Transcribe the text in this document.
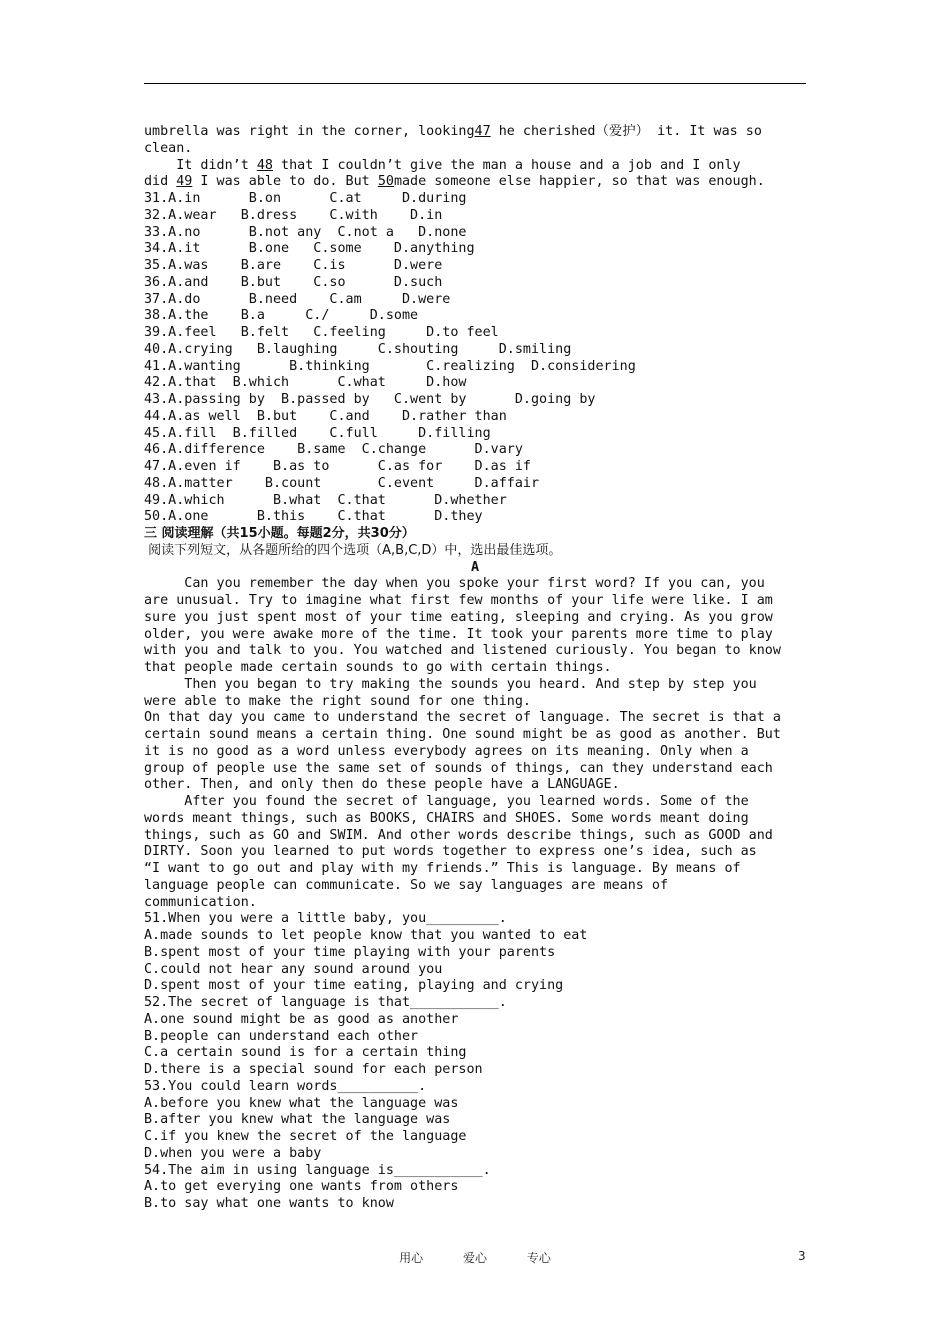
umbrella was right in the corner, looking47 he cherished（爱护） it. It was so
clean.
It didn’t 48 that I couldn’t give the man a house and a job and I only
did 49 I was able to do. But 50made someone else happier, so that was enough.
31.A.in      B.on      C.at     D.during
32.A.wear   B.dress    C.with    D.in
33.A.no      B.not any  C.not a   D.none
34.A.it      B.one   C.some    D.anything
35.A.was    B.are    C.is      D.were
36.A.and    B.but    C.so      D.such
37.A.do      B.need    C.am     D.were
38.A.the    B.a     C./     D.some
39.A.feel   B.felt   C.feeling     D.to feel
40.A.crying   B.laughing     C.shouting     D.smiling
41.A.wanting      B.thinking       C.realizing  D.considering
42.A.that  B.which      C.what     D.how
43.A.passing by  B.passed by   C.went by      D.going by
44.A.as well  B.but    C.and    D.rather than
45.A.fill  B.filled    C.full     D.filling
46.A.difference    B.same  C.change      D.vary
47.A.even if    B.as to      C.as for    D.as if
48.A.matter    B.count       C.event     D.affair
49.A.which      B.what  C.that      D.whether
50.A.one      B.this    C.that      D.they
三 阅读理解（共15小题。每题2分，共30分）
阅读下列短文，从各题所给的四个选项（A,B,C,D）中，选出最佳选项。
A
Can you remember the day when you spoke your first word? If you can, you
are unusual. Try to imagine what first few months of your life were like. I am
sure you just spent most of your time eating, sleeping and crying. As you grow
older, you were awake more of the time. It took your parents more time to play
with you and talk to you. You watched and listened curiously. You began to know
that people made certain sounds to go with certain things.
Then you began to try making the sounds you heard. And step by step you
were able to make the right sound for one thing.
On that day you came to understand the secret of language. The secret is that a
certain sound means a certain thing. One sound might be as good as another. But
it is no good as a word unless everybody agrees on its meaning. Only when a
group of people use the same set of sounds of things, can they understand each
other. Then, and only then do these people have a LANGUAGE.
After you found the secret of language, you learned words. Some of the
words meant things, such as BOOKS, CHAIRS and SHOES. Some words meant doing
things, such as GO and SWIM. And other words describe things, such as GOOD and
DIRTY. Soon you learned to put words together to express one’s idea, such as
“I want to go out and play with my friends.” This is language. By means of
language people can communicate. So we say languages are means of
communication.
51.When you were a little baby, you_________.
A.made sounds to let people know that you wanted to eat
B.spent most of your time playing with your parents
C.could not hear any sound around you
D.spent most of your time eating, playing and crying
52.The secret of language is that___________.
A.one sound might be as good as another
B.people can understand each other
C.a certain sound is for a certain thing
D.there is a special sound for each person
53.You could learn words__________.
A.before you knew what the language was
B.after you knew what the language was
C.if you knew the secret of the language
D.when you were a baby
54.The aim in using language is___________.
A.to get everying one wants from others
B.to say what one wants to know
用心	爱心	专心	3
